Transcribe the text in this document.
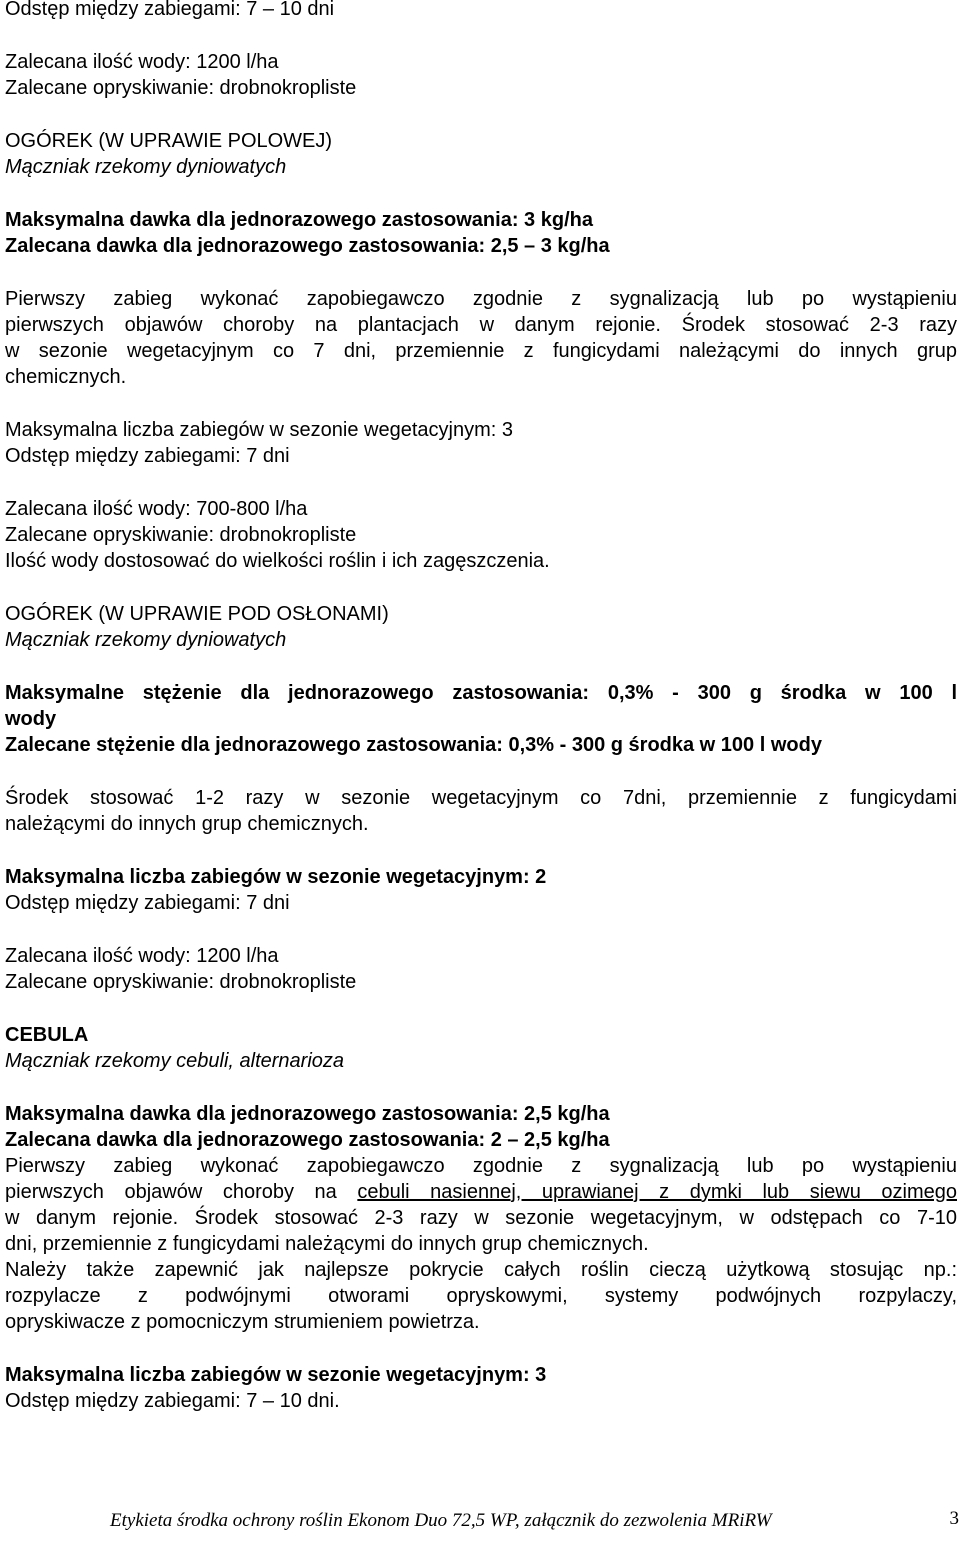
Odstęp między zabiegami: 7 – 10 dni

Zalecana ilość wody: 1200 l/ha

Zalecane opryskiwanie: drobnokropliste

OGÓREK (W UPRAWIE POLOWEJ)

Mączniak rzekomy dyniowatych

Maksymalna dawka dla jednorazowego zastosowania: 3 kg/ha

Zalecana dawka dla jednorazowego zastosowania: 2,5 – 3 kg/ha

Pierwszy zabieg wykonać zapobiegawczo zgodnie z sygnalizacją lub po wystąpieniu

pierwszych objawów choroby na plantacjach w danym rejonie. Środek stosować 2-3 razy

w sezonie wegetacyjnym co 7 dni, przemiennie z fungicydami należącymi do innych grup

chemicznych.

Maksymalna liczba zabiegów w sezonie wegetacyjnym: 3

Odstęp między zabiegami: 7 dni

Zalecana ilość wody: 700-800 l/ha

Zalecane opryskiwanie: drobnokropliste

Ilość wody dostosować do wielkości roślin i ich zagęszczenia.

OGÓREK (W UPRAWIE POD OSŁONAMI)

Mączniak rzekomy dyniowatych

Maksymalne stężenie dla jednorazowego zastosowania: 0,3% - 300 g środka w 100 l

wody

Zalecane stężenie dla jednorazowego zastosowania: 0,3% - 300 g środka w 100 l wody

Środek stosować 1-2 razy w sezonie wegetacyjnym co 7dni, przemiennie z fungicydami

należącymi do innych grup chemicznych.

Maksymalna liczba zabiegów w sezonie wegetacyjnym: 2

Odstęp między zabiegami: 7 dni

Zalecana ilość wody: 1200 l/ha

Zalecane opryskiwanie: drobnokropliste

CEBULA

Mączniak rzekomy cebuli, alternarioza

Maksymalna dawka dla jednorazowego zastosowania: 2,5 kg/ha

Zalecana dawka dla jednorazowego zastosowania: 2 – 2,5 kg/ha

Pierwszy zabieg wykonać zapobiegawczo zgodnie z sygnalizacją lub po wystąpieniu

pierwszych objawów choroby na cebuli nasiennej, uprawianej z dymki lub siewu ozimego

w danym rejonie. Środek stosować 2-3 razy w sezonie wegetacyjnym, w odstępach co 7-10

dni, przemiennie z fungicydami należącymi do innych grup chemicznych.

Należy także zapewnić jak najlepsze pokrycie całych roślin cieczą użytkową stosując np.:

rozpylacze z podwójnymi otworami opryskowymi, systemy podwójnych rozpylaczy,

opryskiwacze z pomocniczym strumieniem powietrza.

Maksymalna liczba zabiegów w sezonie wegetacyjnym: 3

Odstęp między zabiegami: 7 – 10 dni.

Etykieta środka ochrony roślin Ekonom Duo 72,5 WP, załącznik do zezwolenia MRiRW	3
